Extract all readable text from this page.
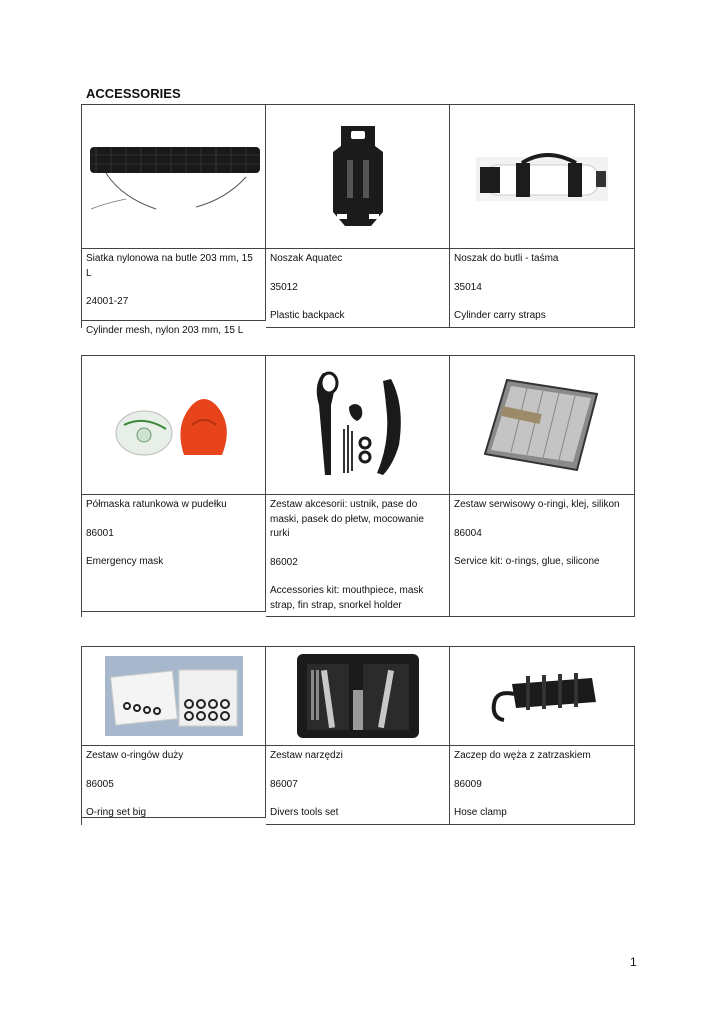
ACCESSORIES

Siatka nylonowa na butle 203 mm, 15 L

24001-27

Cylinder mesh, nylon 203 mm, 15 L

Noszak Aquatec

35012

Plastic backpack

Noszak do butli - taśma

35014

Cylinder carry straps

Półmaska ratunkowa w pudełku

86001

Emergency mask

Zestaw akcesorii: ustnik, pase do maski, pasek do płetw, mocowanie rurki

86002

Accessories kit: mouthpiece, mask strap, fin strap, snorkel holder

Zestaw serwisowy o-ringi, klej, silikon

86004

Service kit: o-rings, glue, silicone

Zestaw o-ringów duży

86005

O-ring set big

Zestaw narzędzi

86007

Divers tools set

Zaczep do węża z zatrzaskiem

86009

Hose clamp

1
